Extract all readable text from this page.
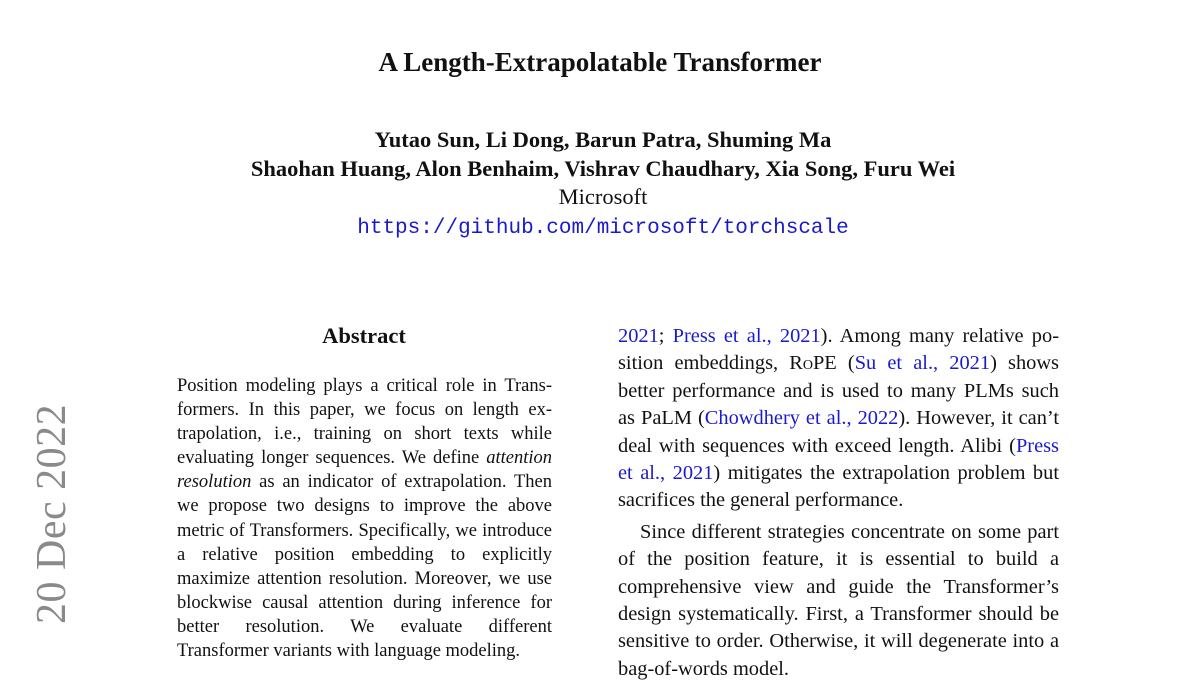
20 Dec 2022
A Length-Extrapolatable Transformer
Yutao Sun, Li Dong, Barun Patra, Shuming Ma
Shaohan Huang, Alon Benhaim, Vishrav Chaudhary, Xia Song, Furu Wei
Microsoft
https://github.com/microsoft/torchscale
Abstract
Position modeling plays a critical role in Transformers. In this paper, we focus on length extrapolation, i.e., training on short texts while evaluating longer sequences. We define attention resolution as an indicator of extrapolation. Then we propose two designs to improve the above metric of Transformers. Specifically, we introduce a relative position embedding to explicitly maximize attention resolution. Moreover, we use blockwise causal attention during inference for better resolution. We evaluate different Transformer variants with language modeling.

2021; Press et al., 2021). Among many relative position embeddings, RoPE (Su et al., 2021) shows better performance and is used to many PLMs such as PaLM (Chowdhery et al., 2022). However, it can’t deal with sequences with exceed length. Alibi (Press et al., 2021) mitigates the extrapolation problem but sacrifices the general performance.

Since different strategies concentrate on some part of the position feature, it is essential to build a comprehensive view and guide the Transformer’s design systematically. First, a Transformer should be sensitive to order. Otherwise, it will degenerate into a bag-of-words model.
